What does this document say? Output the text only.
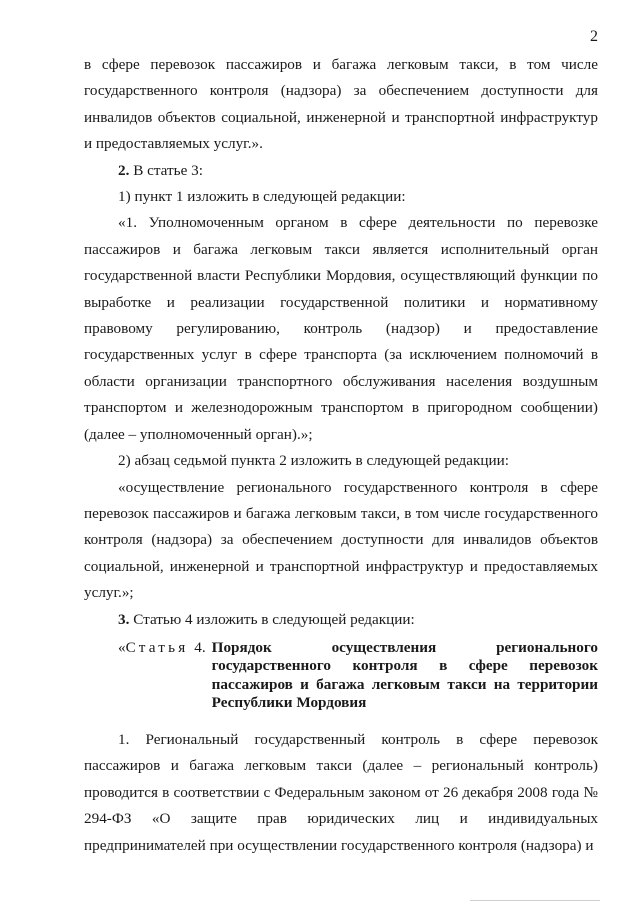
2

в сфере перевозок пассажиров и багажа легковым такси, в том числе государственного контроля (надзора) за обеспечением доступности для инвалидов объектов социальной, инженерной и транспортной инфраструктур и предоставляемых услуг.».

2. В статье 3:

1) пункт 1 изложить в следующей редакции:

«1. Уполномоченным органом в сфере деятельности по перевозке пассажиров и багажа легковым такси является исполнительный орган государственной власти Республики Мордовия, осуществляющий функции по выработке и реализации государственной политики и нормативному правовому регулированию, контроль (надзор) и предоставление государственных услуг в сфере транспорта (за исключением полномочий в области организации транспортного обслуживания населения воздушным транспортом и железнодорожным транспортом в пригородном сообщении) (далее – уполномоченный орган).»;

2) абзац седьмой пункта 2 изложить в следующей редакции:

«осуществление регионального государственного контроля в сфере перевозок пассажиров и багажа легковым такси, в том числе государственного контроля (надзора) за обеспечением доступности для инвалидов объектов социальной, инженерной и транспортной инфраструктур и предоставляемых услуг.»;

3. Статью 4 изложить в следующей редакции:

«Статья 4. Порядок осуществления регионального государственного контроля в сфере перевозок пассажиров и багажа легковым такси на территории Республики Мордовия

1. Региональный государственный контроль в сфере перевозок пассажиров и багажа легковым такси (далее – региональный контроль) проводится в соответствии с Федеральным законом от 26 декабря 2008 года № 294-ФЗ «О защите прав юридических лиц и индивидуальных предпринимателей при осуществлении государственного контроля (надзора) и
